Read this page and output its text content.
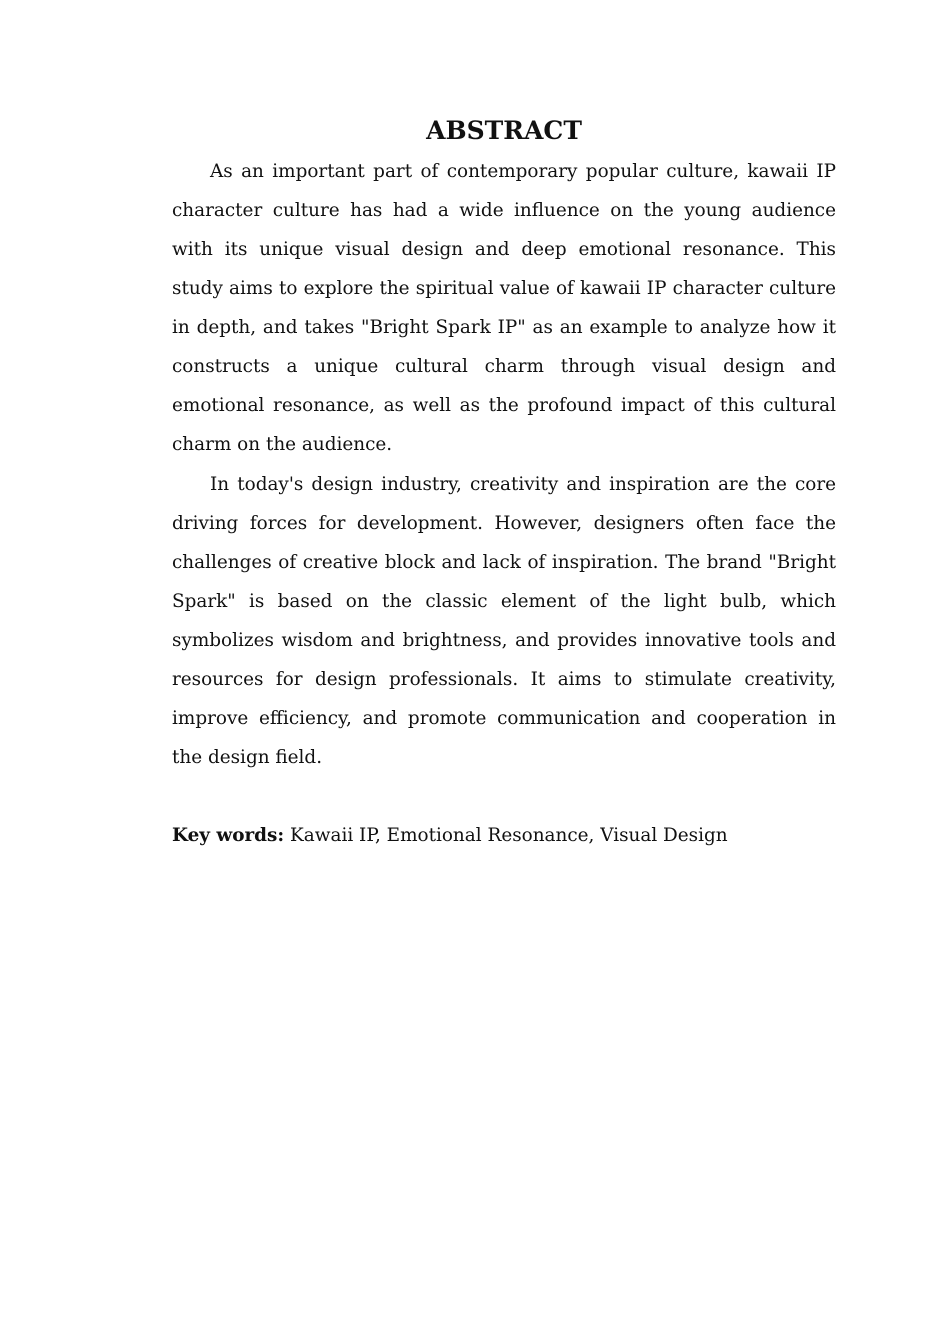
ABSTRACT

As an important part of contemporary popular culture, kawaii IP character culture has had a wide influence on the young audience with its unique visual design and deep emotional resonance. This study aims to explore the spiritual value of kawaii IP character culture in depth, and takes "Bright Spark IP" as an example to analyze how it constructs a unique cultural charm through visual design and emotional resonance, as well as the profound impact of this cultural charm on the audience.

In today's design industry, creativity and inspiration are the core driving forces for development. However, designers often face the challenges of creative block and lack of inspiration. The brand "Bright Spark" is based on the classic element of the light bulb, which symbolizes wisdom and brightness, and provides innovative tools and resources for design professionals. It aims to stimulate creativity, improve efficiency, and promote communication and cooperation in the design field.

Key words: Kawaii IP, Emotional Resonance, Visual Design
